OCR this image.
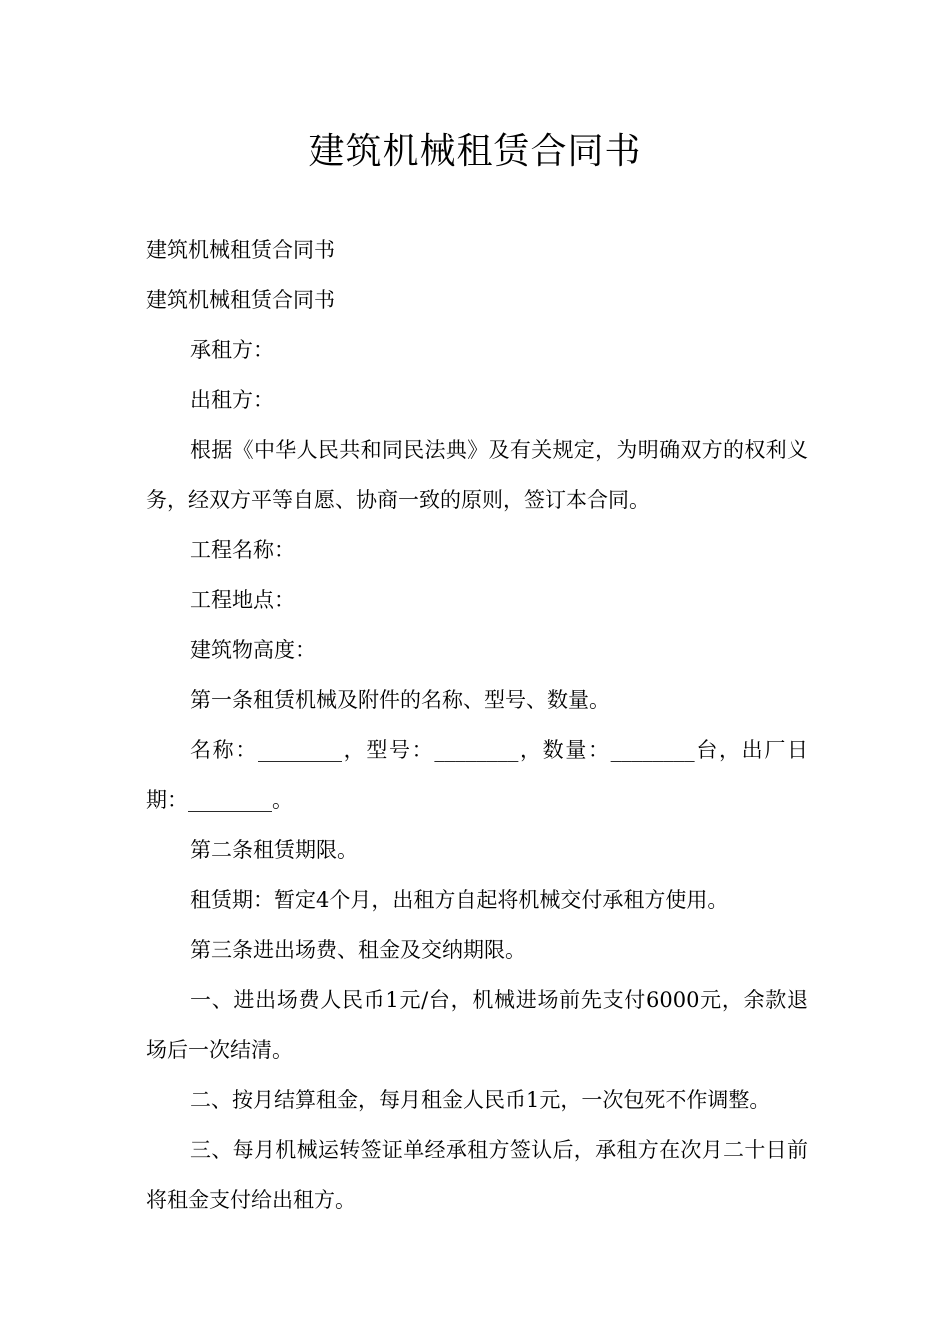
建筑机械租赁合同书
建筑机械租赁合同书
建筑机械租赁合同书
承租方：
出租方：
根据《中华人民共和同民法典》及有关规定，为明确双方的权利义务，经双方平等自愿、协商一致的原则，签订本合同。
工程名称：
工程地点：
建筑物高度：
第一条租赁机械及附件的名称、型号、数量。
名称：________，型号：________，数量：________台，出厂日期：________。
第二条租赁期限。
租赁期：暂定4个月，出租方自起将机械交付承租方使用。
第三条进出场费、租金及交纳期限。
一、进出场费人民币1元/台，机械进场前先支付6000元，余款退场后一次结清。
二、按月结算租金，每月租金人民币1元，一次包死不作调整。
三、每月机械运转签证单经承租方签认后，承租方在次月二十日前将租金支付给出租方。
